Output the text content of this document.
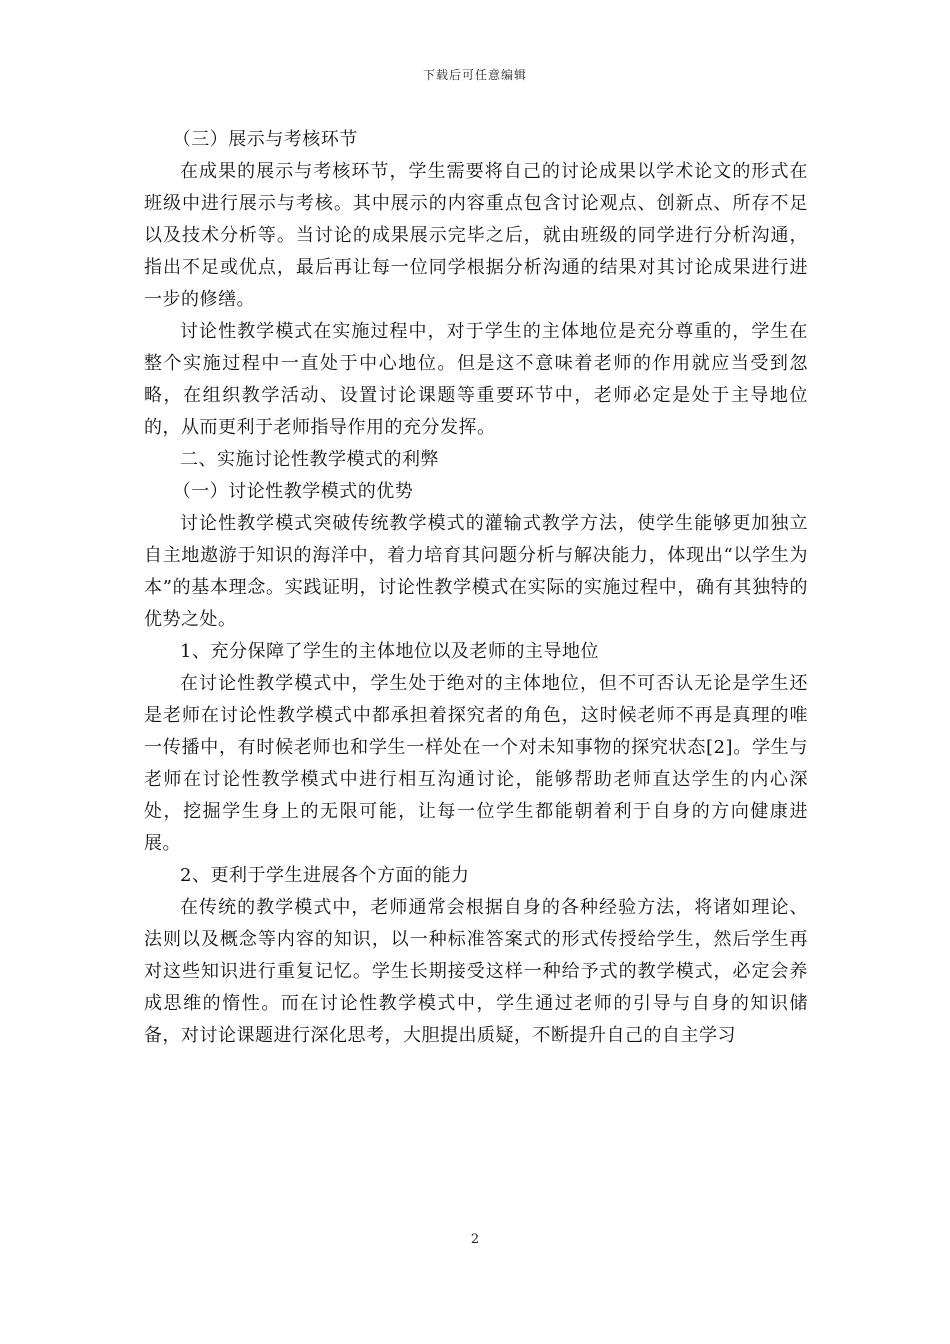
下载后可任意编辑

（三）展示与考核环节

在成果的展示与考核环节，学生需要将自己的讨论成果以学术论文的形式在班级中进行展示与考核。其中展示的内容重点包含讨论观点、创新点、所存不足以及技术分析等。当讨论的成果展示完毕之后，就由班级的同学进行分析沟通，指出不足或优点，最后再让每一位同学根据分析沟通的结果对其讨论成果进行进一步的修缮。

讨论性教学模式在实施过程中，对于学生的主体地位是充分尊重的，学生在整个实施过程中一直处于中心地位。但是这不意味着老师的作用就应当受到忽略，在组织教学活动、设置讨论课题等重要环节中，老师必定是处于主导地位的，从而更利于老师指导作用的充分发挥。

二、实施讨论性教学模式的利弊

（一）讨论性教学模式的优势

讨论性教学模式突破传统教学模式的灌输式教学方法，使学生能够更加独立自主地遨游于知识的海洋中，着力培育其问题分析与解决能力，体现出“以学生为本”的基本理念。实践证明，讨论性教学模式在实际的实施过程中，确有其独特的优势之处。

1、充分保障了学生的主体地位以及老师的主导地位

在讨论性教学模式中，学生处于绝对的主体地位，但不可否认无论是学生还是老师在讨论性教学模式中都承担着探究者的角色，这时候老师不再是真理的唯一传播中，有时候老师也和学生一样处在一个对未知事物的探究状态[2]。学生与老师在讨论性教学模式中进行相互沟通讨论，能够帮助老师直达学生的内心深处，挖掘学生身上的无限可能，让每一位学生都能朝着利于自身的方向健康进展。

2、更利于学生进展各个方面的能力

在传统的教学模式中，老师通常会根据自身的各种经验方法，将诸如理论、法则以及概念等内容的知识，以一种标准答案式的形式传授给学生，然后学生再对这些知识进行重复记忆。学生长期接受这样一种给予式的教学模式，必定会养成思维的惰性。而在讨论性教学模式中，学生通过老师的引导与自身的知识储备，对讨论课题进行深化思考，大胆提出质疑，不断提升自己的自主学习

2
